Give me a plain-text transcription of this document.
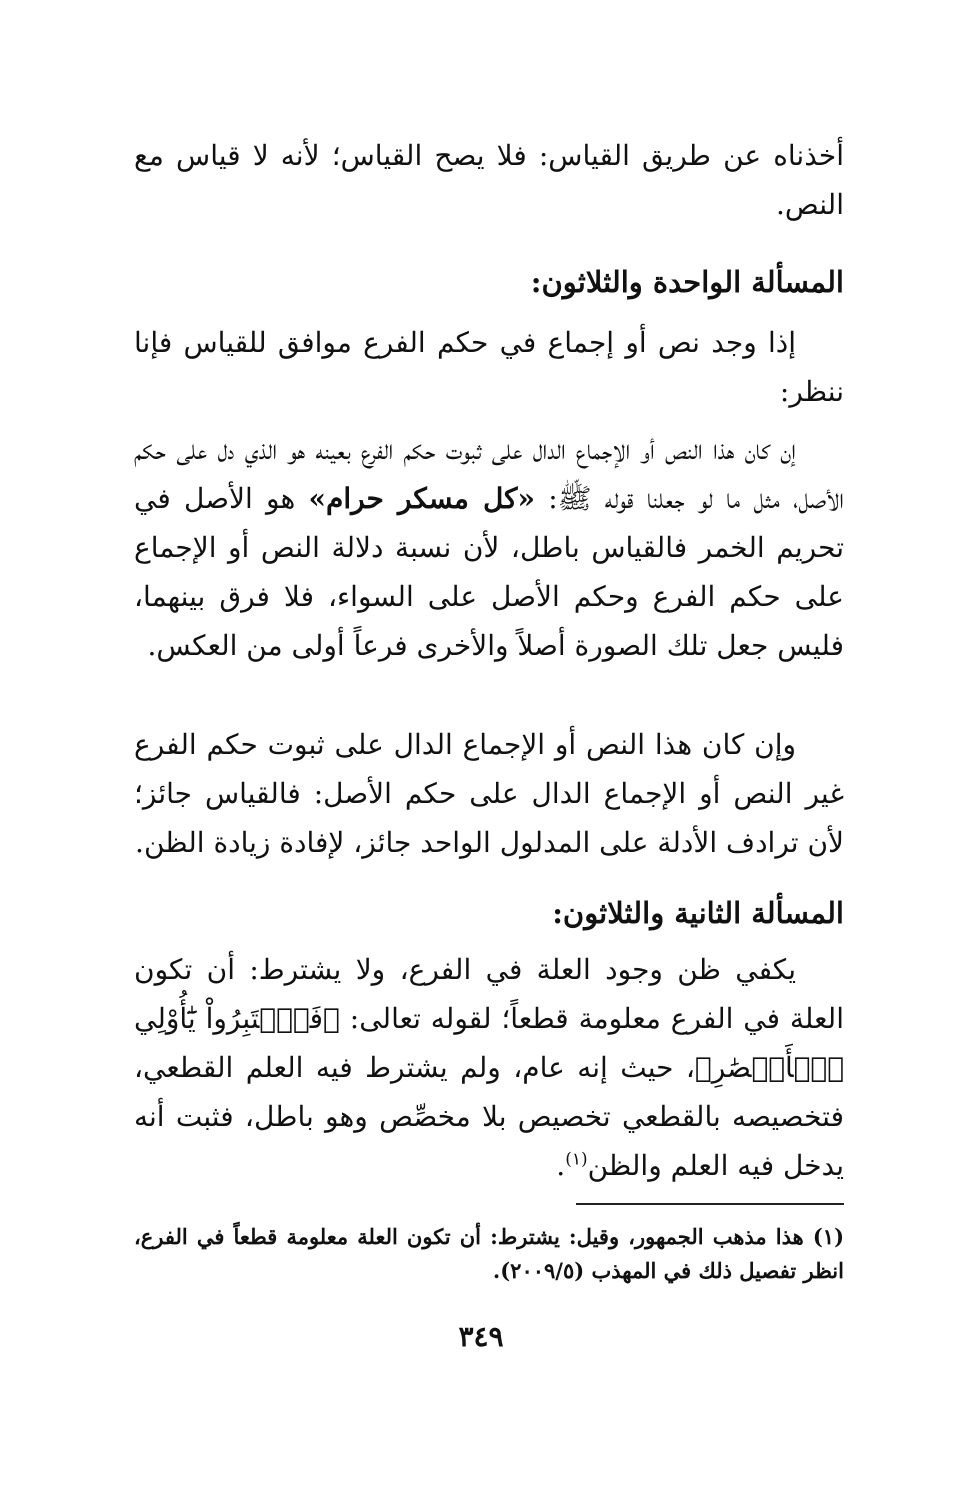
أخذناه عن طريق القياس: فلا يصح القياس؛ لأنه لا قياس مع النص.

المسألة الواحدة والثلاثون:

إذا وجد نص أو إجماع في حكم الفرع موافق للقياس فإنا ننظر:

إن كان هذا النص أو الإجماع الدال على ثبوت حكم الفرع بعينه هو الذي دل على حكم الأصل، مثل ما لو جعلنا قوله ﷺ: «كل مسكر حرام» هو الأصل في تحريم الخمر فالقياس باطل، لأن نسبة دلالة النص أو الإجماع على حكم الفرع وحكم الأصل على السواء، فلا فرق بينهما، فليس جعل تلك الصورة أصلاً والأخرى فرعاً أولى من العكس.

وإن كان هذا النص أو الإجماع الدال على ثبوت حكم الفرع غير النص أو الإجماع الدال على حكم الأصل: فالقياس جائز؛ لأن ترادف الأدلة على المدلول الواحد جائز، لإفادة زيادة الظن.

المسألة الثانية والثلاثون:

يكفي ظن وجود العلة في الفرع، ولا يشترط: أن تكون العلة في الفرع معلومة قطعاً؛ لقوله تعالى: ﴿فَٱعۡتَبِرُواْ يَٰٓأُوْلِي ٱلۡأَبۡصَٰرِ﴾، حيث إنه عام، ولم يشترط فيه العلم القطعي، فتخصيصه بالقطعي تخصيص بلا مخصِّص وهو باطل، فثبت أنه يدخل فيه العلم والظن$^{(١)}$.

(١) هذا مذهب الجمهور، وقيل: يشترط: أن تكون العلة معلومة قطعاً في الفرع، انظر تفصيل ذلك في المهذب (٢٠٠٩/٥).

٣٤٩
